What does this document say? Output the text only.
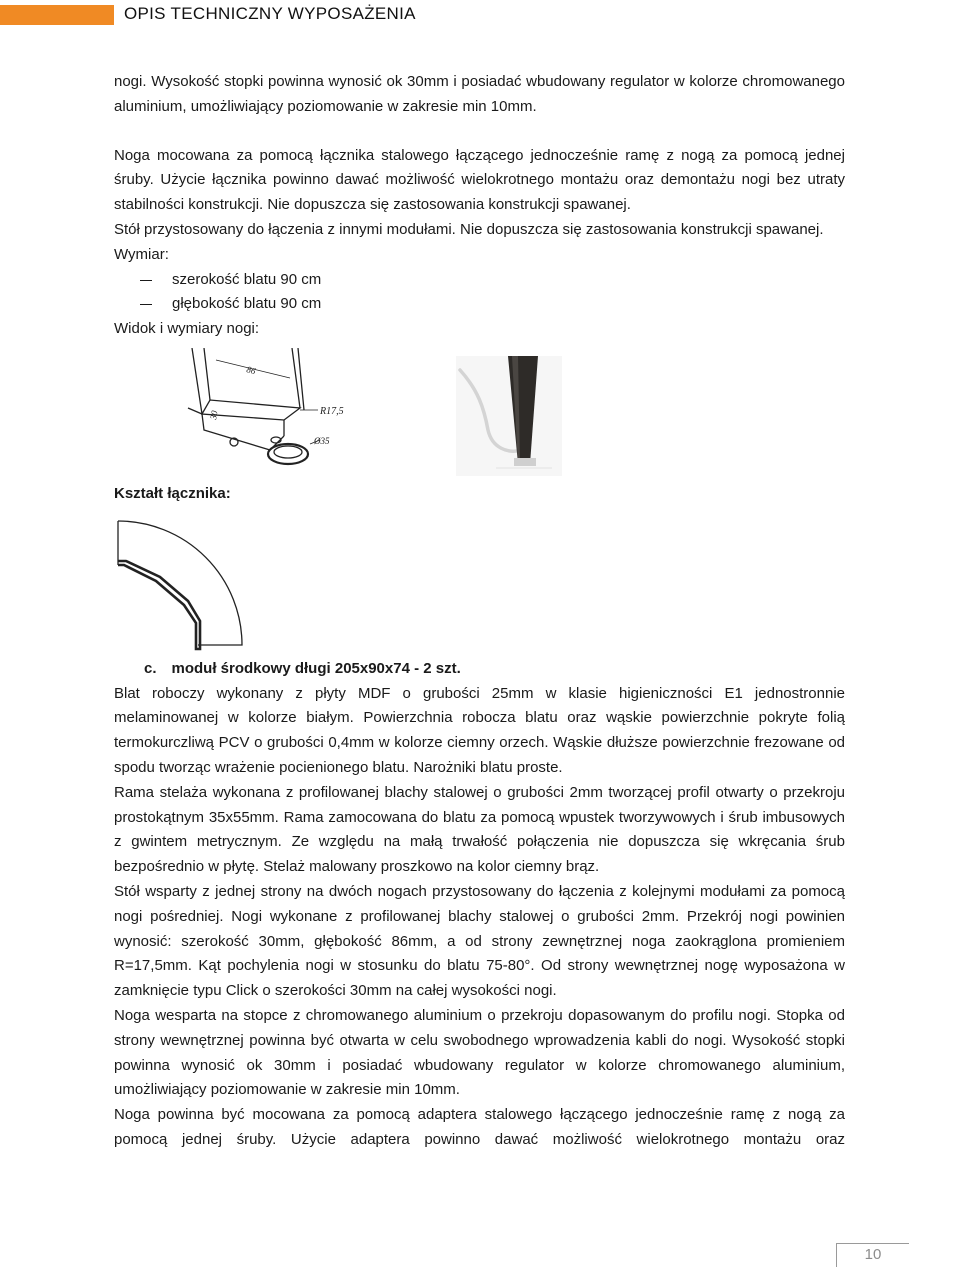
OPIS TECHNICZNY WYPOSAŻENIA

nogi. Wysokość stopki powinna wynosić ok 30mm i posiadać wbudowany regulator w kolorze chromowanego aluminium, umożliwiający poziomowanie w zakresie min 10mm.

Noga mocowana za pomocą łącznika stalowego łączącego jednocześnie ramę z nogą za pomocą jednej śruby. Użycie łącznika powinno dawać możliwość wielokrotnego montażu oraz demontażu nogi bez utraty stabilności konstrukcji. Nie dopuszcza się zastosowania konstrukcji spawanej.

Stół przystosowany do łączenia z innymi modułami. Nie dopuszcza się zastosowania konstrukcji spawanej.

Wymiar:

szerokość blatu 90 cm
głębokość blatu 90 cm

Widok i wymiary nogi:

86
30	R17,5
Ø35

Kształt łącznika:

c. moduł środkowy długi 205x90x74 - 2 szt.

Blat roboczy wykonany z płyty MDF o grubości 25mm w klasie higieniczności E1 jednostronnie melaminowanej w kolorze białym. Powierzchnia robocza blatu oraz wąskie powierzchnie pokryte folią termokurczliwą PCV o grubości 0,4mm w kolorze ciemny orzech. Wąskie dłuższe powierzchnie frezowane od spodu tworząc wrażenie pocienionego blatu. Narożniki blatu proste.

Rama stelaża wykonana z profilowanej blachy stalowej o grubości 2mm tworzącej profil otwarty o przekroju prostokątnym 35x55mm. Rama zamocowana do blatu za pomocą wpustek tworzywowych i śrub imbusowych z gwintem metrycznym. Ze względu na małą trwałość połączenia nie dopuszcza się wkręcania śrub bezpośrednio w płytę. Stelaż malowany proszkowo na kolor ciemny brąz.

Stół wsparty z jednej strony na dwóch nogach przystosowany do łączenia z kolejnymi modułami za pomocą nogi pośredniej. Nogi wykonane z profilowanej blachy stalowej o grubości 2mm. Przekrój nogi powinien wynosić: szerokość 30mm, głębokość 86mm, a od strony zewnętrznej noga zaokrąglona promieniem R=17,5mm. Kąt pochylenia nogi w stosunku do blatu 75-80°. Od strony wewnętrznej nogę wyposażona w zamknięcie typu Click o szerokości 30mm na całej wysokości nogi.

Noga wesparta na stopce z chromowanego aluminium o przekroju dopasowanym do profilu nogi. Stopka od strony wewnętrznej powinna być otwarta w celu swobodnego wprowadzenia kabli do nogi. Wysokość stopki powinna wynosić ok 30mm i posiadać wbudowany regulator w kolorze chromowanego aluminium, umożliwiający poziomowanie w zakresie min 10mm.

Noga powinna być mocowana za pomocą adaptera stalowego łączącego jednocześnie ramę z nogą za pomocą jednej śruby. Użycie adaptera powinno dawać możliwość wielokrotnego montażu oraz

10
